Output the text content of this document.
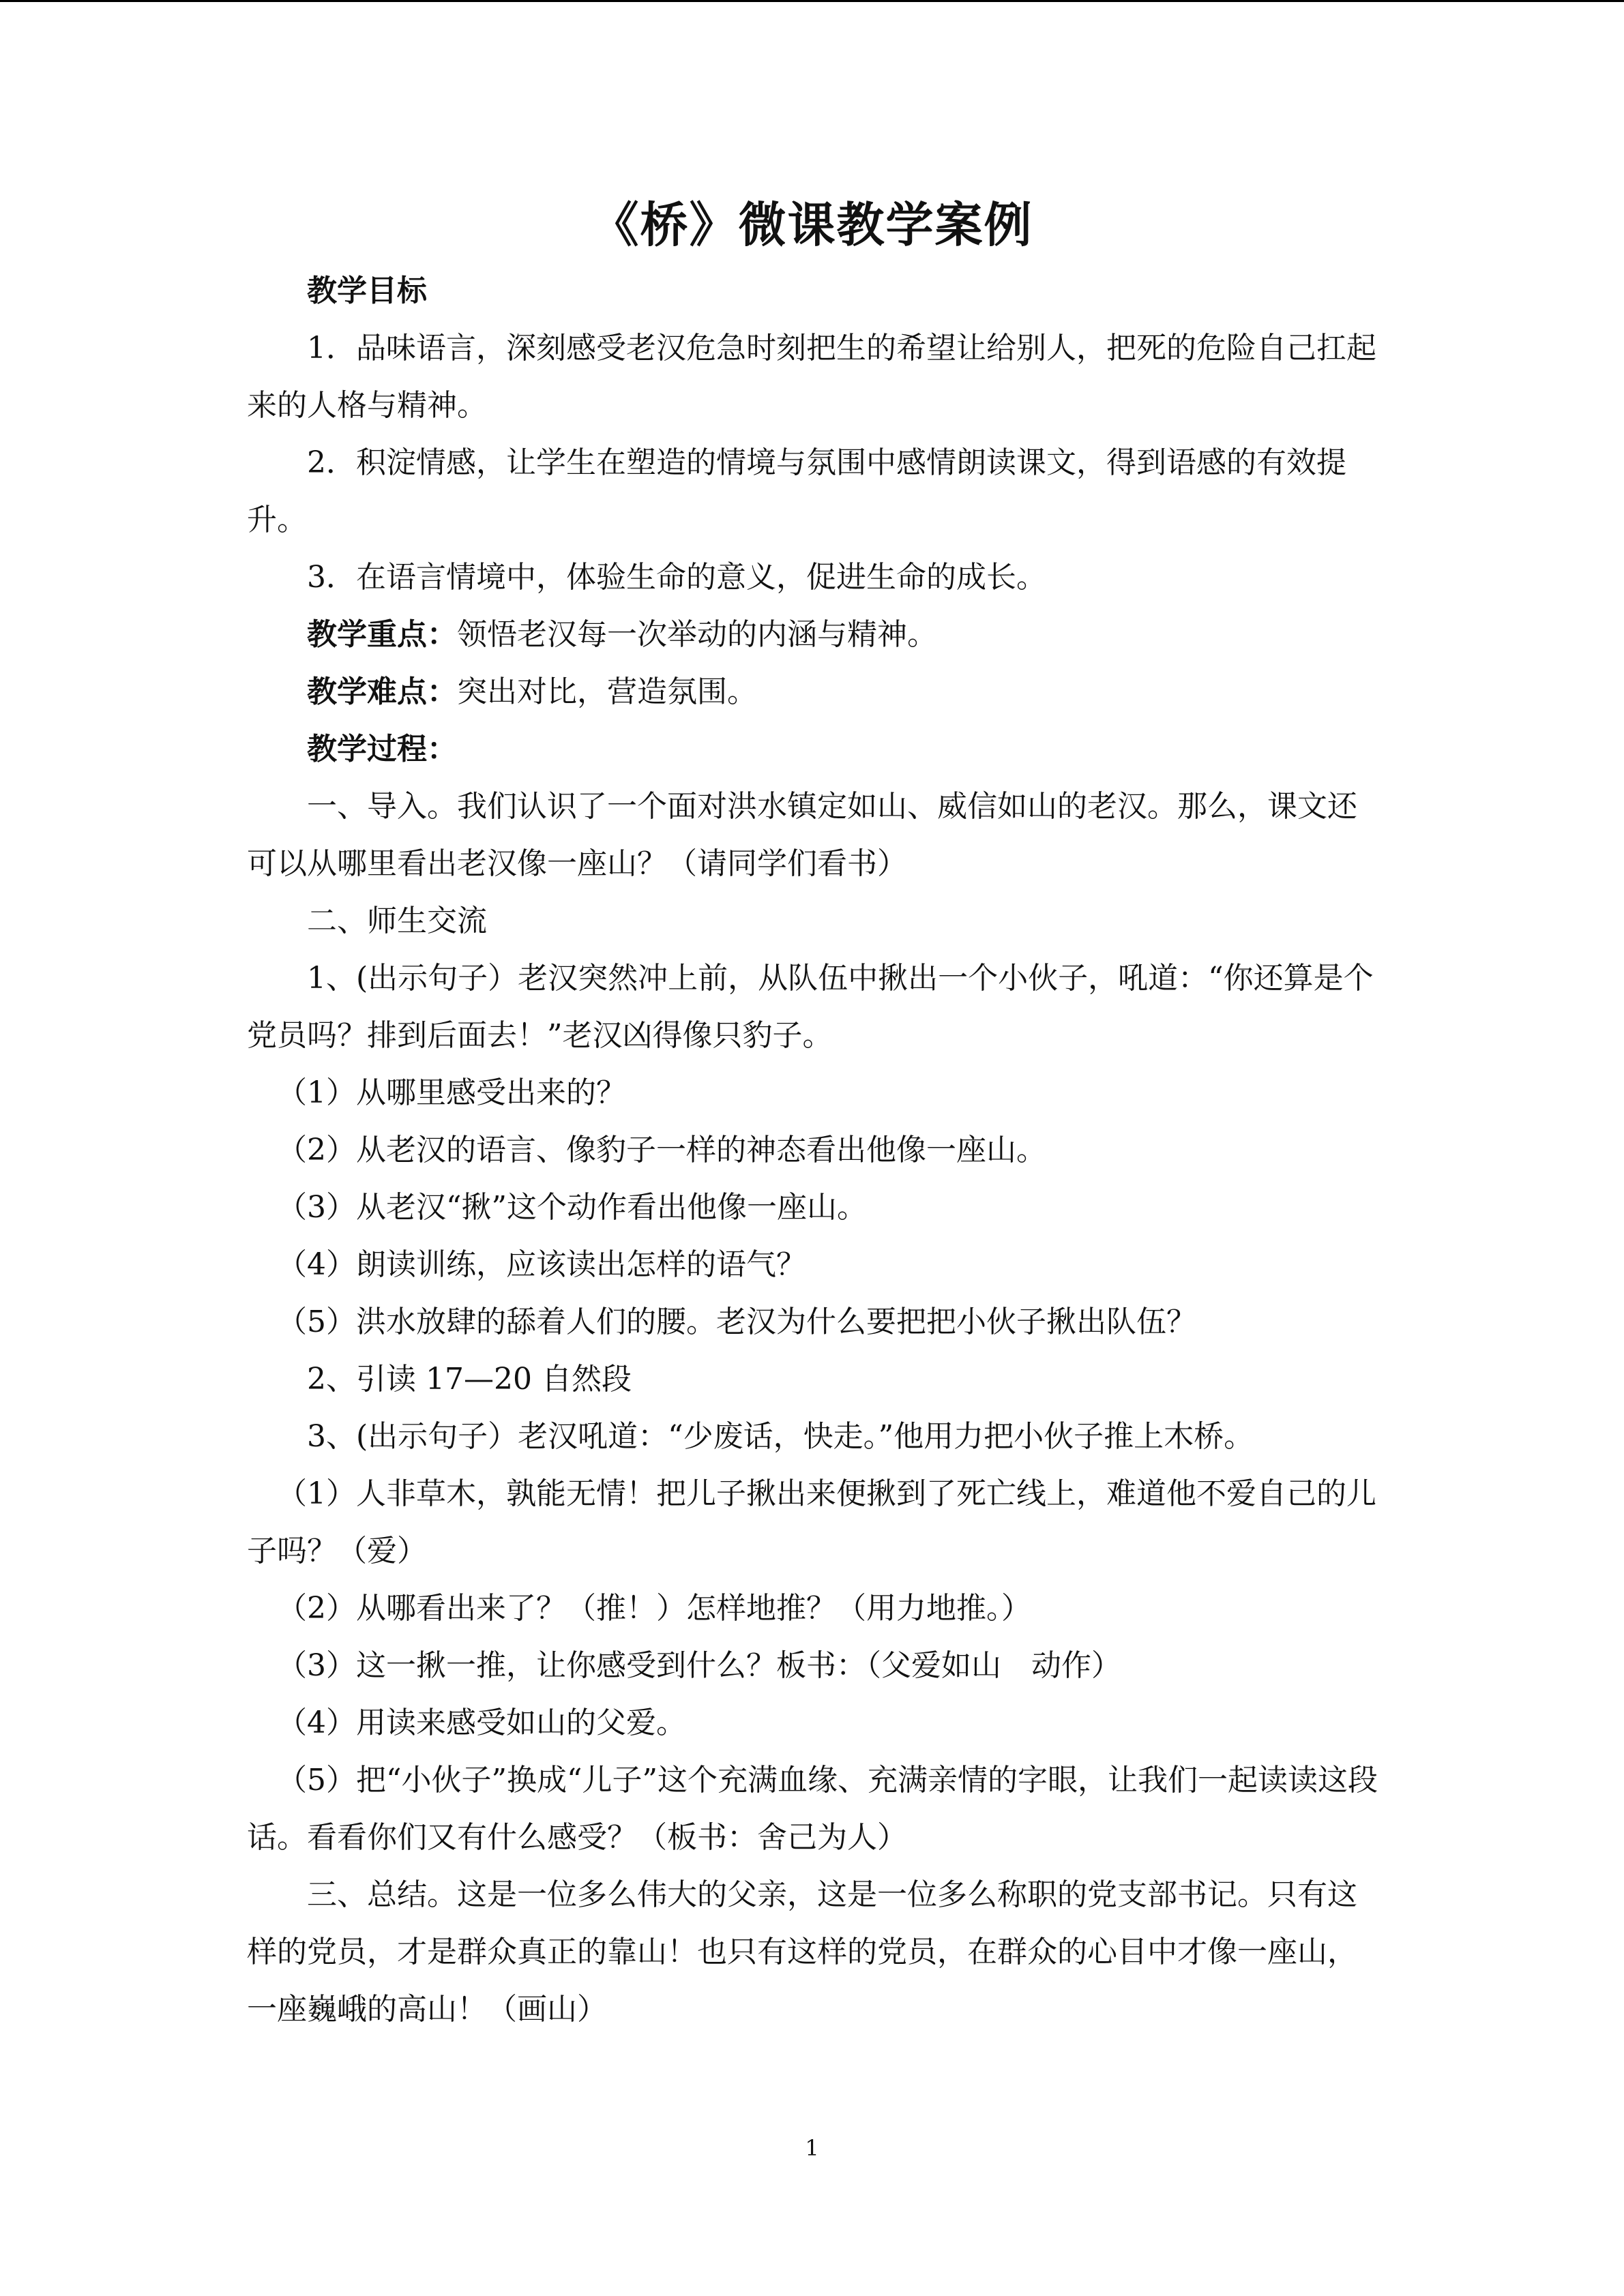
《桥》微课教学案例

教学目标

1．品味语言，深刻感受老汉危急时刻把生的希望让给别人，把死的危险自己扛起来的人格与精神。

2．积淀情感，让学生在塑造的情境与氛围中感情朗读课文，得到语感的有效提升。

3．在语言情境中，体验生命的意义，促进生命的成长。

教学重点：领悟老汉每一次举动的内涵与精神。

教学难点：突出对比，营造氛围。

教学过程：

一、导入。我们认识了一个面对洪水镇定如山、威信如山的老汉。那么，课文还可以从哪里看出老汉像一座山？（请同学们看书）

二、师生交流

1、(出示句子）老汉突然冲上前，从队伍中揪出一个小伙子，吼道：“你还算是个党员吗？排到后面去！”老汉凶得像只豹子。

（1）从哪里感受出来的？

（2）从老汉的语言、像豹子一样的神态看出他像一座山。

（3）从老汉“揪”这个动作看出他像一座山。

（4）朗读训练，应该读出怎样的语气？

（5）洪水放肆的舔着人们的腰。老汉为什么要把把小伙子揪出队伍？

2、引读 17—20 自然段

3、(出示句子）老汉吼道：“少废话，快走。”他用力把小伙子推上木桥。

（1）人非草木，孰能无情！把儿子揪出来便揪到了死亡线上，难道他不爱自己的儿子吗？（爱）

（2）从哪看出来了？（推！）怎样地推？（用力地推。）

（3）这一揪一推，让你感受到什么？板书：（父爱如山　动作）

（4）用读来感受如山的父爱。

（5）把“小伙子”换成“儿子”这个充满血缘、充满亲情的字眼，让我们一起读读这段话。看看你们又有什么感受？（板书：舍己为人）

三、总结。这是一位多么伟大的父亲，这是一位多么称职的党支部书记。只有这样的党员，才是群众真正的靠山！也只有这样的党员，在群众的心目中才像一座山，一座巍峨的高山！（画山）

1
